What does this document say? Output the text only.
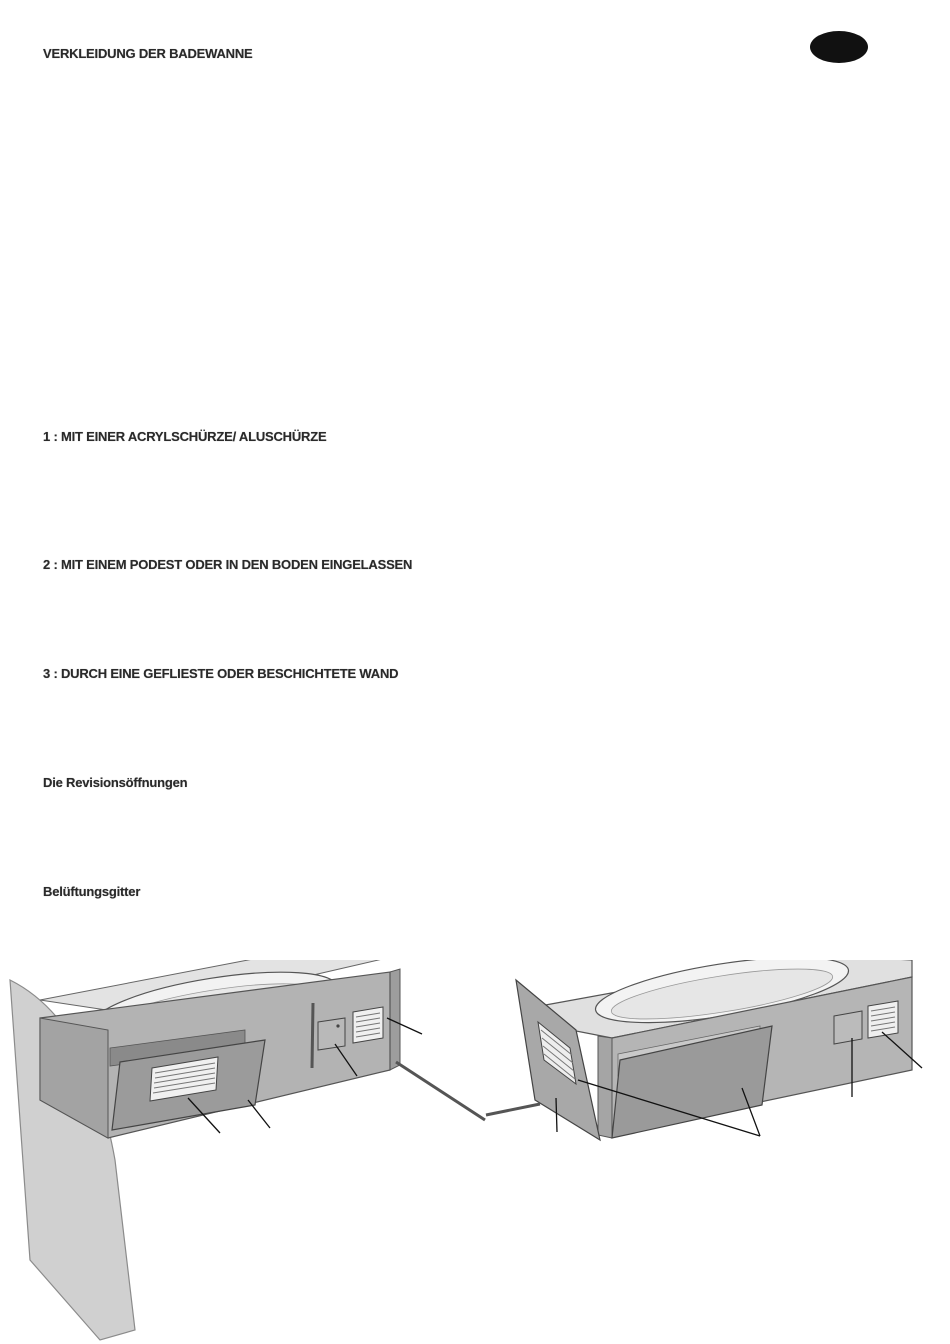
VERKLEIDUNG DER BADEWANNE
1 : MIT EINER ACRYLSCHÜRZE/ ALUSCHÜRZE
2 : MIT EINEM PODEST ODER IN DEN BODEN EINGELASSEN
3 : DURCH EINE GEFLIESTE ODER BESCHICHTETE WAND
Die Revisionsöffnungen
Belüftungsgitter
